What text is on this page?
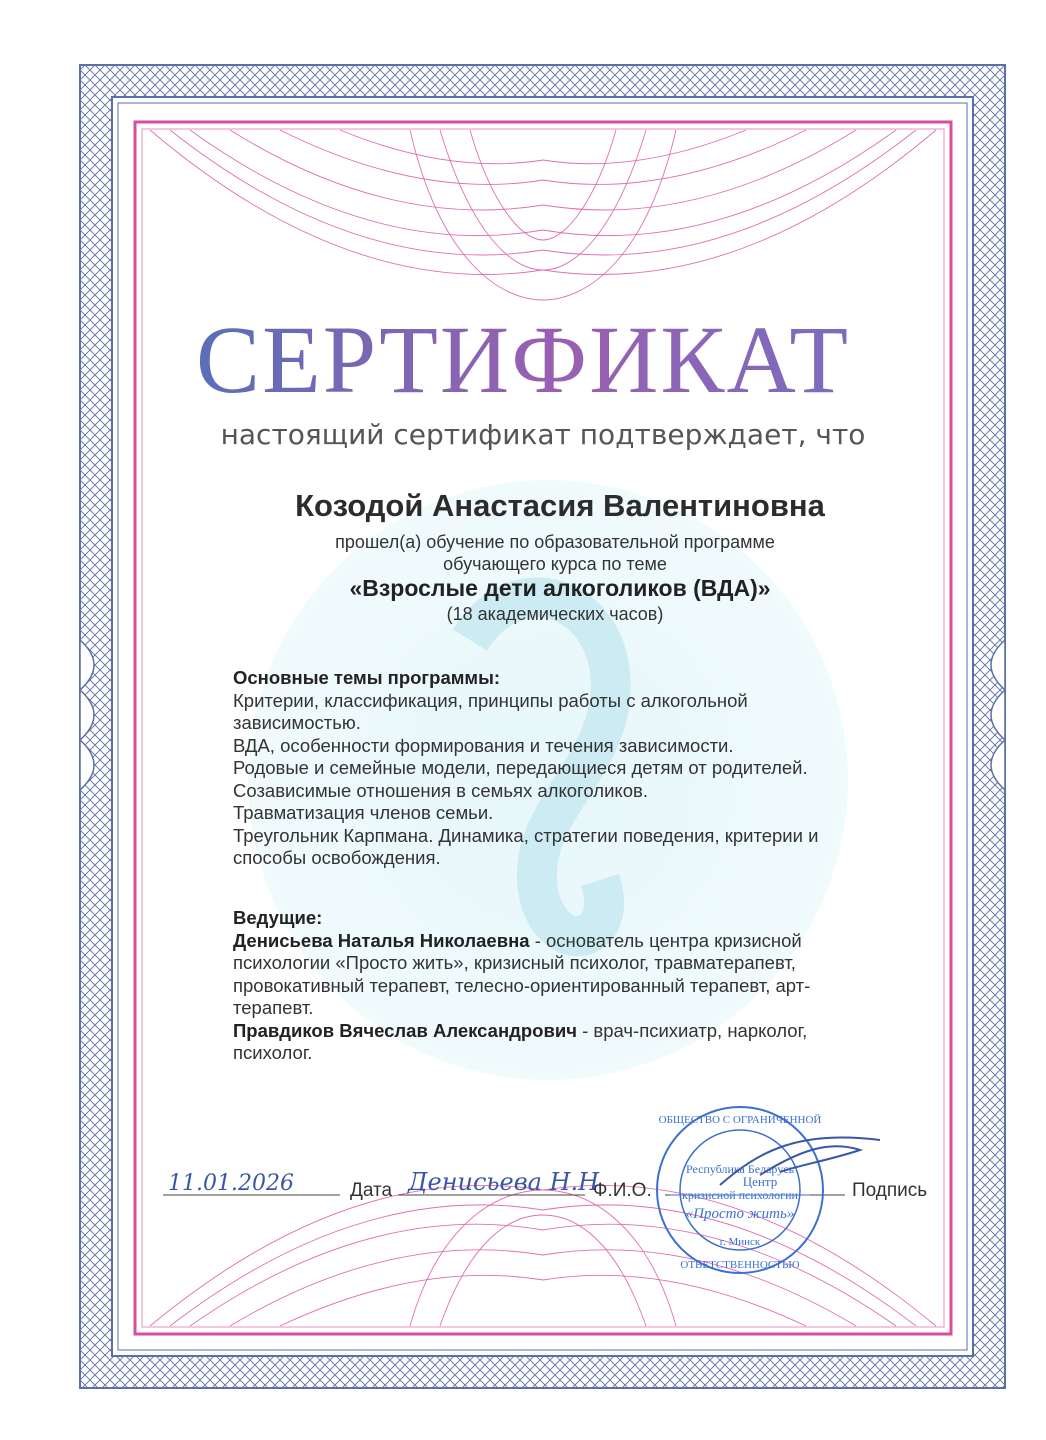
Республика Беларусь
Центр
кризисной психологии
«Просто жить»
г. Минск
ОБЩЕСТВО С ОГРАНИЧЕННОЙ
ОТВЕТСТВЕННОСТЬЮ
СЕРТИФИКАТ
настоящий сертификат подтверждает, что
Козодой Анастасия Валентиновна
прошел(а) обучение по образовательной программе
обучающего курса по теме
«Взрослые дети алкоголиков (ВДА)»
(18 академических часов)
Основные темы программы:
Критерии, классификация, принципы работы с алкогольной зависимостью.
ВДА, особенности формирования и течения зависимости.
Родовые и семейные модели, передающиеся детям от родителей.
Созависимые отношения в семьях алкоголиков.
Травматизация членов семьи.
Треугольник Карпмана. Динамика, стратегии поведения, критерии и способы освобождения.
Ведущие:
Денисьева Наталья Николаевна - основатель центра кризисной психологии «Просто жить», кризисный психолог, травматерапевт, провокативный терапевт, телесно-ориентированный терапевт, арт-терапевт.
Правдиков Вячеслав Александрович - врач-психиатр, нарколог, психолог.
11.01.2026	Дата Денисьева Н.Н
Ф.И.О.	Подпись
